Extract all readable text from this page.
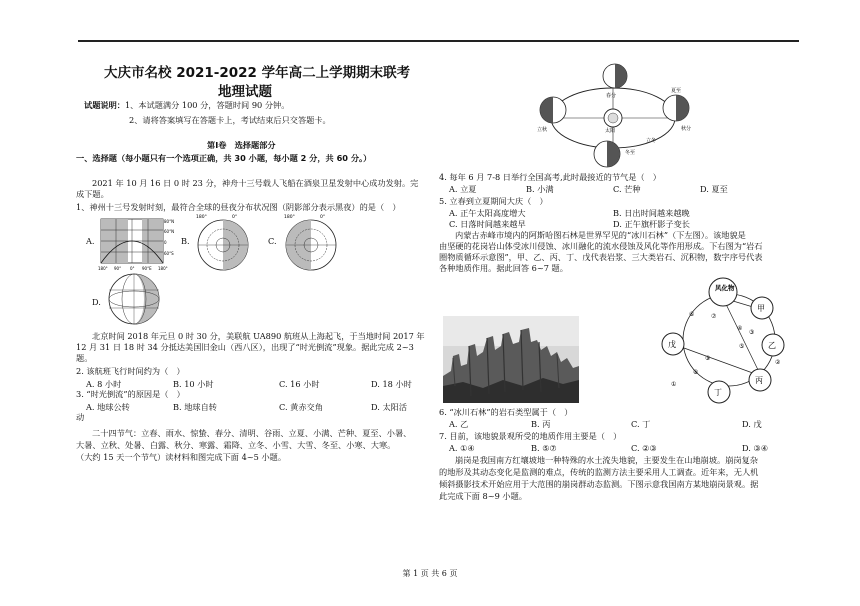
大庆市名校 2021-2022 学年高二上学期期末联考
地理试题
试题说明：1、本试题满分 100 分，答题时间 90 分钟。
2、请将答案填写在答题卡上，考试结束后只交答题卡。
第Ⅰ卷　选择题部分
一、选择题（每小题只有一个选项正确，共 30 小题，每小题 2 分，共 60 分。）
2021 年 10 月 16 日 0 时 23 分，神舟十三号载人飞船在酒泉卫星发射中心成功发射。完
成下题。
1、神州十三号发射时刻，最符合全球的昼夜分布状况图（阴影部分表示黑夜）的是（　）
A.
80°N
60°N
0
60°S
180° 90° 0° 90°E 180°
B.
180°	0°
C.
180°	0°
D.
北京时间 2018 年元旦 0 时 30 分，美联航 UA890 航班从上海起飞，于当地时间 2017 年
12 月 31 日 18 时 34 分抵达美国旧金山（西八区），出现了“时光倒流”现象。据此完成 2~3
题。
2. 该航班飞行时间约为（　）
A. 8 小时	B. 10 小时	C. 16 小时	D. 18 小时
3. “时光倒流”的原因是（　）
A. 地球公转	B. 地球自转	C. 黄赤交角	D. 太阳活
动
二十四节气：立春、雨水、惊蛰、春分、清明、谷雨、立夏、小满、芒种、夏至、小暑、
大暑、立秋、处暑、白露、秋分、寒露、霜降、立冬、小雪、大雪、冬至、小寒、大寒。
（大约 15 天一个节气）读材料和图完成下面 4~5 小题。
太阳
春分
立秋
夏至
秋分
冬至
立冬
4. 每年 6 月 7-8 日举行全国高考,此时最接近的节气是（　）
A. 立夏	B. 小满	C. 芒种	D. 夏至
5. 立春到立夏期间大庆（　）
A. 正午太阳高度增大	B. 日出时间越来越晚
C. 日落时间越来越早	D. 正午旗杆影子变长
内蒙古赤峰市境内的阿斯哈图石林是世界罕见的“冰川石林”（下左图）。该地貌是
由坚硬的花岗岩山体受冰川侵蚀、冰川融化的流水侵蚀及风化等作用形成。下右图为“岩石
圈物质循环示意图”，甲、乙、丙、丁、戊代表岩浆、三大类岩石、沉积物，数字序号代表
各种地质作用。据此回答 6~7 题。
风化物
甲
乙
丙
丁
戊
③
④
②
⑤
⑨
⑧
①
⑥	⑦
6. “冰川石林”的岩石类型属于（　）
A. 乙	B. 丙	C. 丁	D. 戊
7. 目前，该地貌景观所受的地质作用主要是（　）
A. ①④	B. ⑤⑦	C. ②③	D. ③④
崩岗是我国南方红壤坡地一种特殊的水土流失地貌，主要发生在山地崩坡。崩岗复杂
的地形及其动态变化是监测的难点，传统的监测方法主要采用人工调查。近年来，无人机
倾斜摄影技术开始应用于大范围的崩岗群动态监测。下图示意我国南方某地崩岗景观。据
此完成下面 8~9 小题。
第 1 页 共 6 页
